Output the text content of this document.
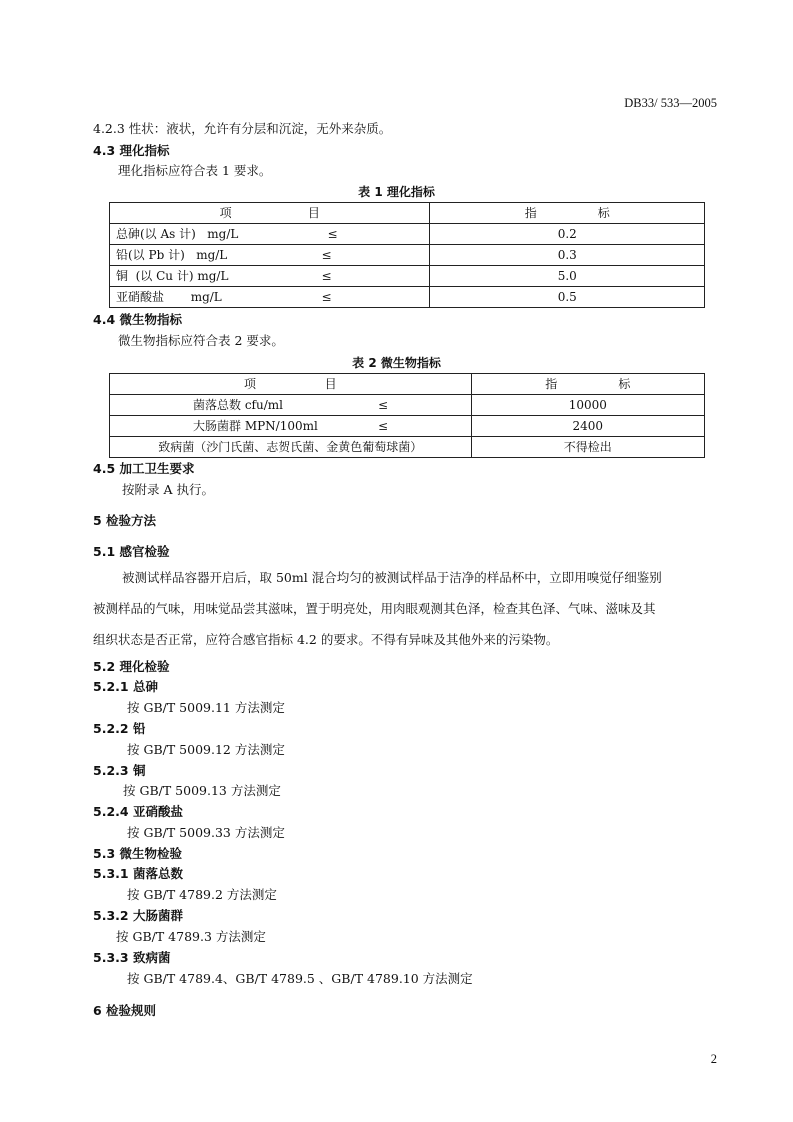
DB33/ 533—2005
4.2.3 性状：液状，允许有分层和沉淀，无外来杂质。
4.3 理化指标
理化指标应符合表 1 要求。
表 1 理化指标
项                    目	指                标
总砷(以 As 计)   mg/L ≤	0.2
铅(以 Pb 计)   mg/L ≤	0.3
铜  (以 Cu 计) mg/L ≤	5.0
亚硝酸盐       mg/L ≤	0.5
4.4 微生物指标
微生物指标应符合表 2 要求。
表 2 微生物指标
项                  目	指                标

菌落总数 cfu/ml ≤	10000

大肠菌群 MPN/100ml ≤	2400
致病菌（沙门氏菌、志贺氏菌、金黄色葡萄球菌）	不得检出
4.5 加工卫生要求
按附录 A 执行。
5 检验方法
5.1 感官检验
被测试样品容器开启后，取 50ml 混合均匀的被测试样品于洁净的样品杯中，立即用嗅觉仔细鉴别
被测样品的气味，用味觉品尝其滋味，置于明亮处，用肉眼观测其色泽，检查其色泽、气味、滋味及其
组织状态是否正常，应符合感官指标 4.2 的要求。不得有异味及其他外来的污染物。
5.2 理化检验
5.2.1 总砷
按 GB/T 5009.11 方法测定
5.2.2 铅
按 GB/T 5009.12 方法测定
5.2.3 铜
按 GB/T 5009.13 方法测定
5.2.4 亚硝酸盐
按 GB/T 5009.33 方法测定
5.3 微生物检验
5.3.1 菌落总数
按 GB/T 4789.2 方法测定
5.3.2 大肠菌群
按 GB/T 4789.3 方法测定
5.3.3 致病菌
按 GB/T 4789.4、GB/T 4789.5 、GB/T 4789.10 方法测定
6 检验规则
2
